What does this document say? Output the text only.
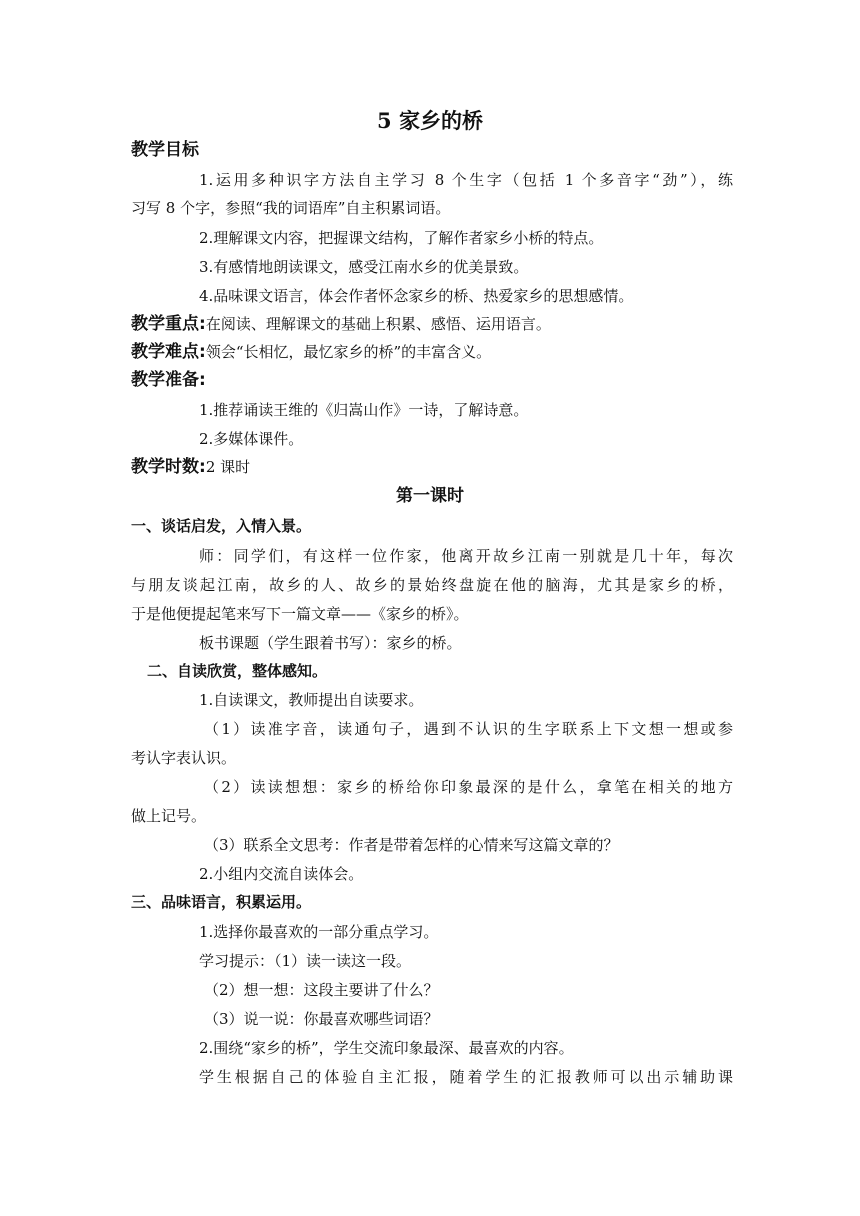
5 家乡的桥
教学目标
1.运用多种识字方法自主学习 8 个生字（包括 1 个多音字“劲”），练
习写 8 个字，参照“我的词语库”自主积累词语。
2.理解课文内容，把握课文结构，了解作者家乡小桥的特点。
3.有感情地朗读课文，感受江南水乡的优美景致。
4.品味课文语言，体会作者怀念家乡的桥、热爱家乡的思想感情。
教学重点:在阅读、理解课文的基础上积累、感悟、运用语言。
教学难点:领会“长相忆，最忆家乡的桥”的丰富含义。
教学准备:
1.推荐诵读王维的《归嵩山作》一诗，了解诗意。
2.多媒体课件。
教学时数:2 课时
第一课时
一、谈话启发，入情入景。
师：同学们，有这样一位作家，他离开故乡江南一别就是几十年，每次
与朋友谈起江南，故乡的人、故乡的景始终盘旋在他的脑海，尤其是家乡的桥，
于是他便提起笔来写下一篇文章——《家乡的桥》。
板书课题（学生跟着书写）：家乡的桥。
二、自读欣赏，整体感知。
1.自读课文，教师提出自读要求。
（1）读准字音，读通句子，遇到不认识的生字联系上下文想一想或参
考认字表认识。
（2）读读想想：家乡的桥给你印象最深的是什么，拿笔在相关的地方
做上记号。
（3）联系全文思考：作者是带着怎样的心情来写这篇文章的？
2.小组内交流自读体会。
三、品味语言，积累运用。
1.选择你最喜欢的一部分重点学习。
学习提示：（1）读一读这一段。
（2）想一想：这段主要讲了什么？
（3）说一说：你最喜欢哪些词语？
2.围绕“家乡的桥”，学生交流印象最深、最喜欢的内容。
学生根据自己的体验自主汇报，随着学生的汇报教师可以出示辅助课
